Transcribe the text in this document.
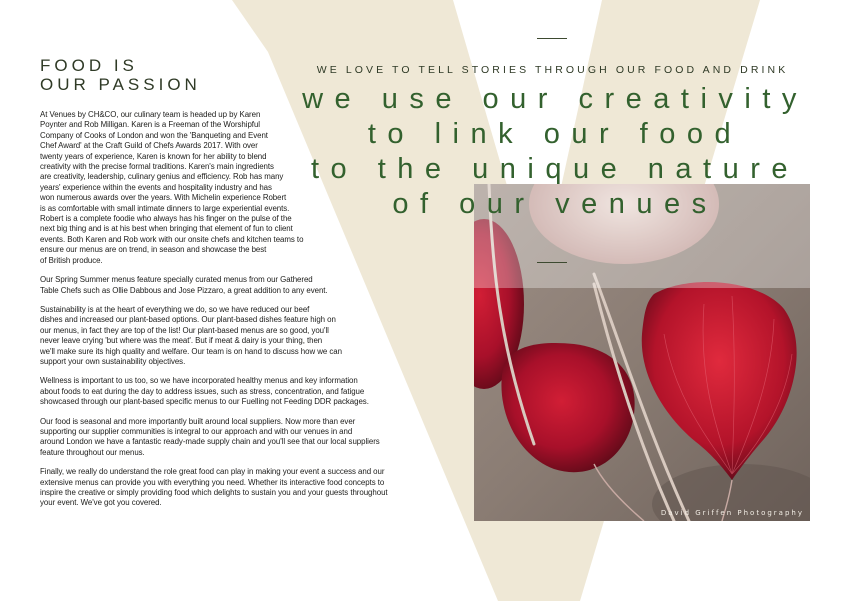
FOOD IS
OUR PASSION

At Venues by CH&CO, our culinary team is headed up by Karen
Poynter and Rob Milligan. Karen is a Freeman of the Worshipful
Company of Cooks of London and won the 'Banqueting and Event
Chef Award' at the Craft Guild of Chefs Awards 2017. With over
twenty years of experience, Karen is known for her ability to blend
creativity with the precise formal traditions. Karen's main ingredients
are creativity, leadership, culinary genius and efficiency. Rob has many
years' experience within the events and hospitality industry and has
won numerous awards over the years. With Michelin experience Robert
is as comfortable with small intimate dinners to large experiential events.
Robert is a complete foodie who always has his finger on the pulse of the
next big thing and is at his best when bringing that element of fun to client
events. Both Karen and Rob work with our onsite chefs and kitchen teams to
ensure our menus are on trend, in season and showcase the best
of British produce.

Our Spring Summer menus feature specially curated menus from our Gathered
Table Chefs such as Ollie Dabbous and Jose Pizzaro, a great addition to any event.

Sustainability is at the heart of everything we do, so we have reduced our beef
dishes and increased our plant-based options. Our plant-based dishes feature high on
our menus, in fact they are top of the list! Our plant-based menus are so good, you'll
never leave crying 'but where was the meat'. But if meat & dairy is your thing, then
we'll make sure its high quality and welfare. Our team is on hand to discuss how we can
support your own sustainability objectives.

Wellness is important to us too, so we have incorporated healthy menus and key information
about foods to eat during the day to address issues, such as stress, concentration, and fatigue
showcased through our plant-based specific menus to our Fuelling not Feeding DDR packages.

Our food is seasonal and more importantly built around local suppliers. Now more than ever
supporting our supplier communities is integral to our approach and with our venues in and
around London we have a fantastic ready-made supply chain and you'll see that our local suppliers
feature throughout our menus.

Finally, we really do understand the role great food can play in making your event a success and our
extensive menus can provide you with everything you need. Whether its interactive food concepts to
inspire the creative or simply providing food which delights to sustain you and your guests throughout
your event. We've got you covered.

David Griffen Photography
WE LOVE TO TELL STORIES THROUGH OUR FOOD AND DRINK
we use our creativity
to link our food
to the unique nature
of our venues
